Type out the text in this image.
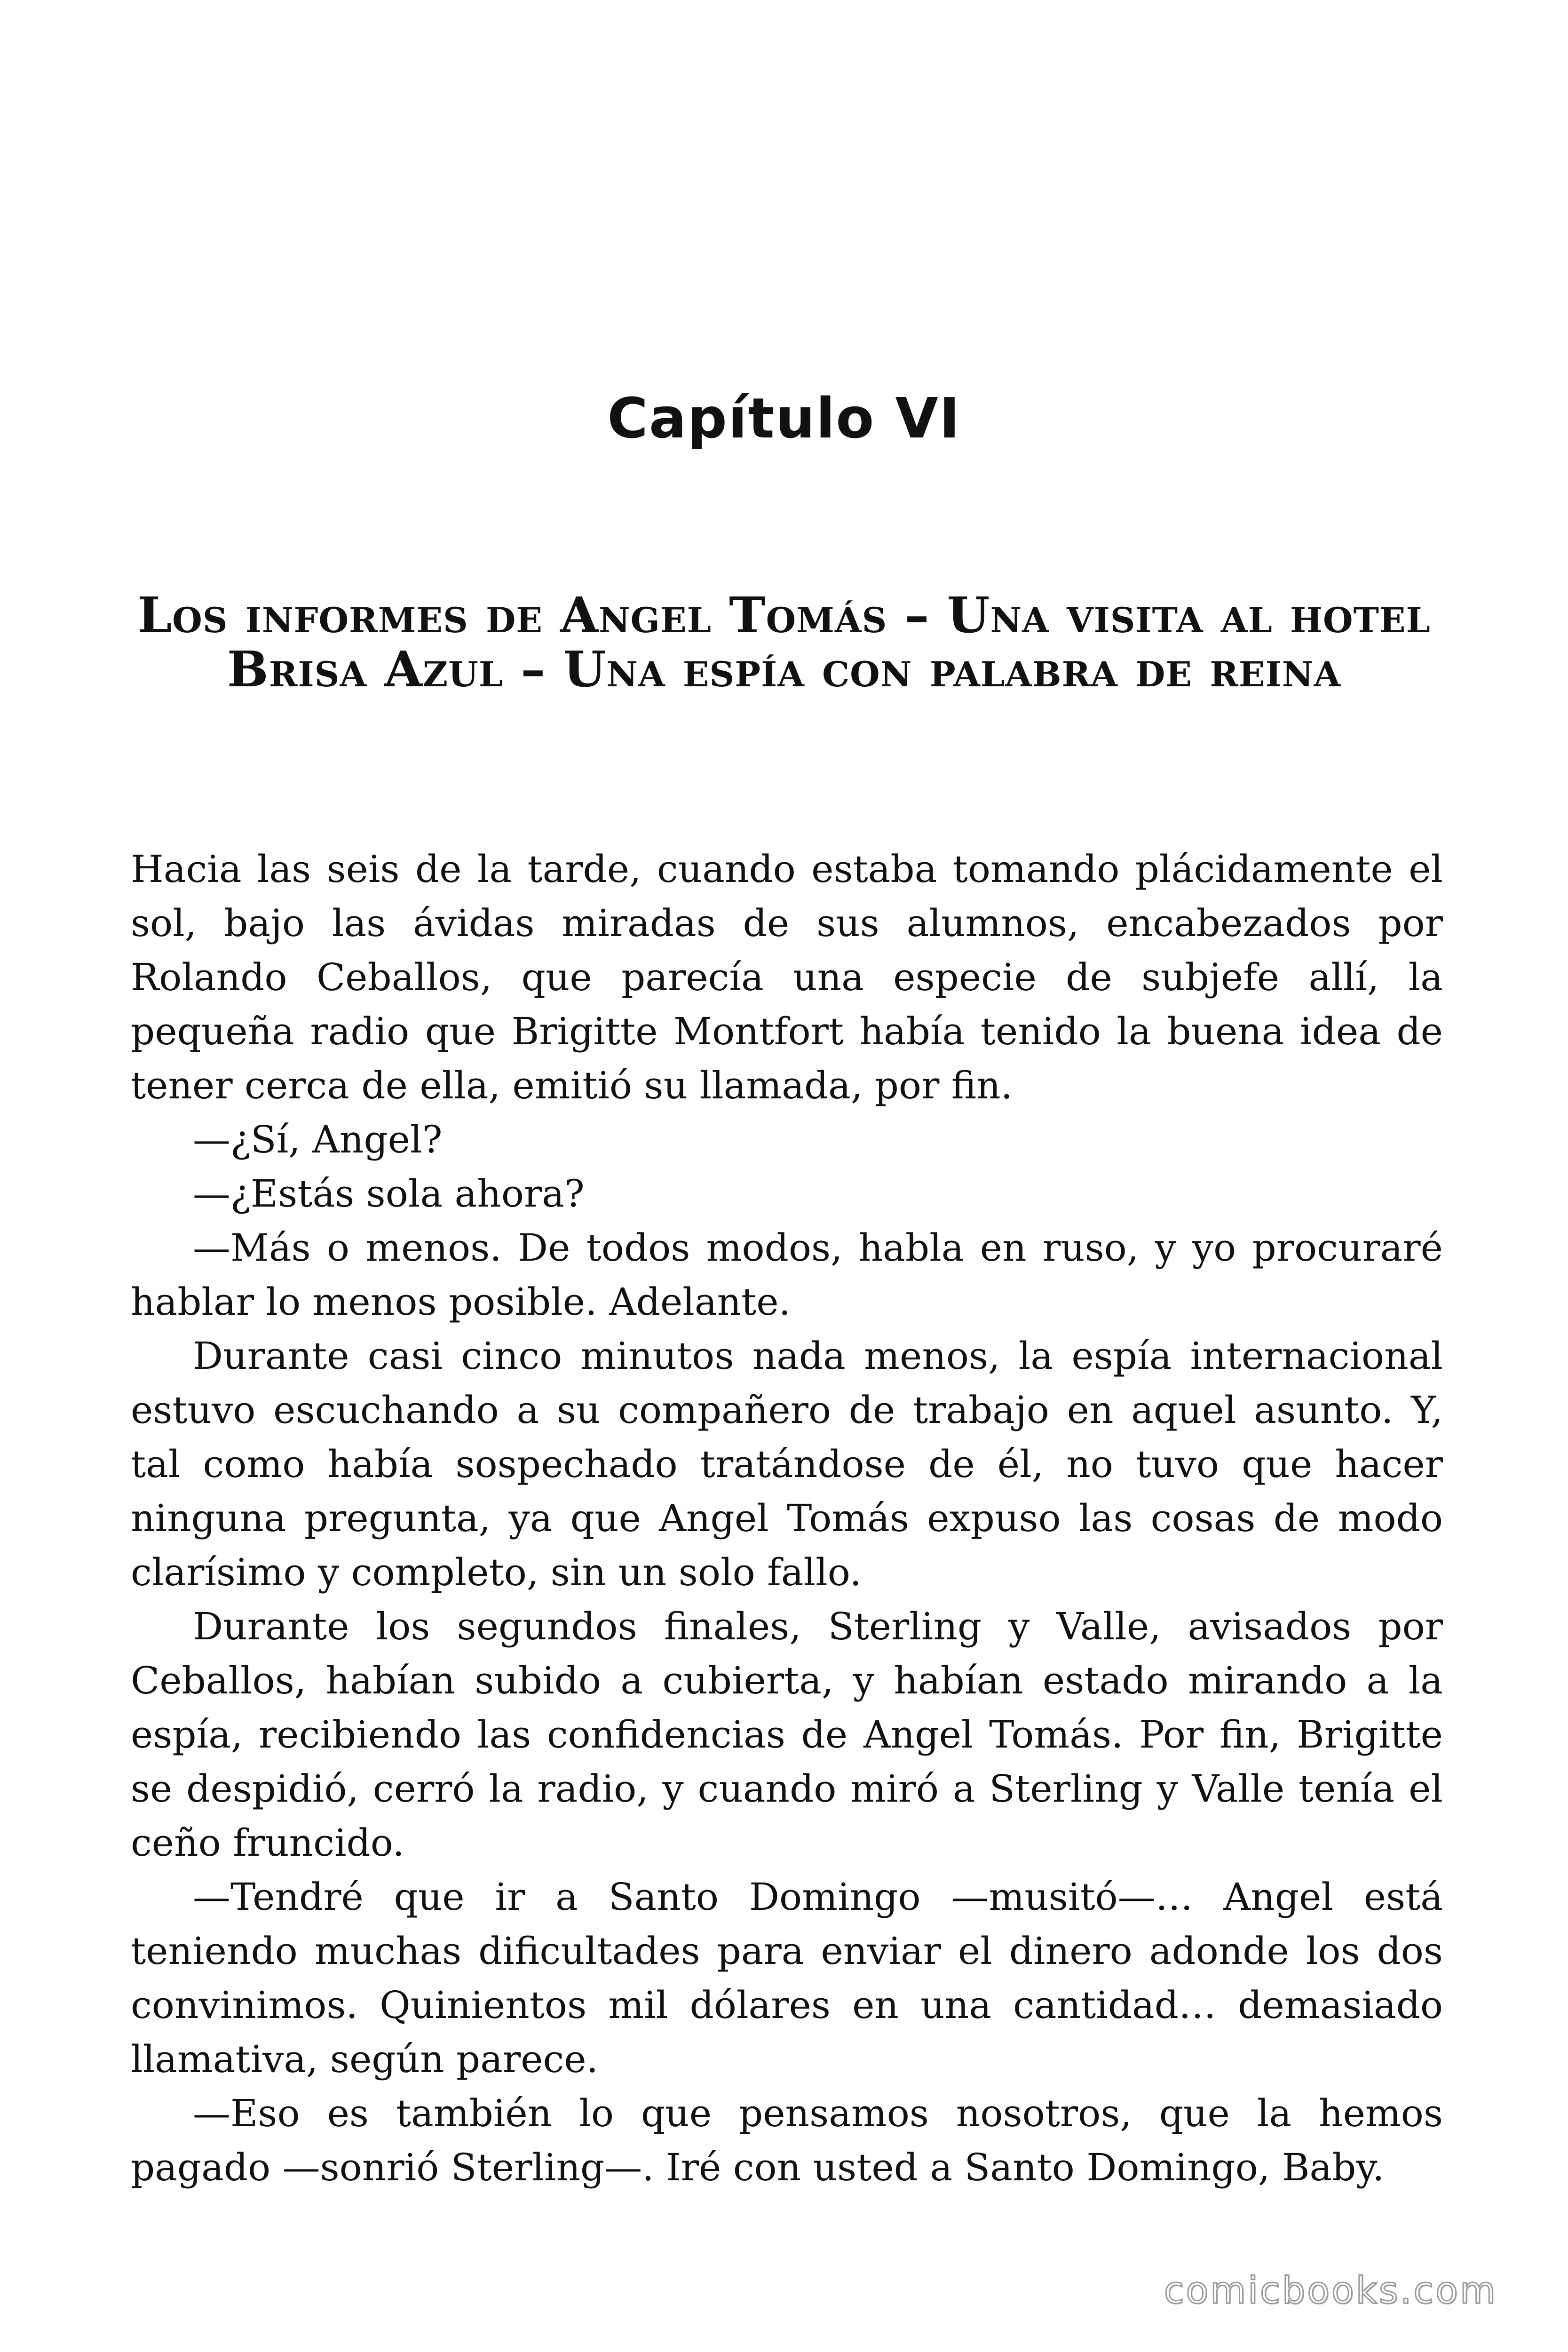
Capítulo VI
Los informes de Angel Tomás – Una visita al hotel Brisa Azul – Una espía con palabra de reina

Hacia las seis de la tarde, cuando estaba tomando plácidamente el sol, bajo las ávidas miradas de sus alumnos, encabezados por Rolando Ceballos, que parecía una especie de subjefe allí, la pequeña radio que Brigitte Montfort había tenido la buena idea de tener cerca de ella, emitió su llamada, por fin.

—¿Sí, Angel?

—¿Estás sola ahora?

—Más o menos. De todos modos, habla en ruso, y yo procuraré hablar lo menos posible. Adelante.

Durante casi cinco minutos nada menos, la espía internacional estuvo escuchando a su compañero de trabajo en aquel asunto. Y, tal como había sospechado tratándose de él, no tuvo que hacer ninguna pregunta, ya que Angel Tomás expuso las cosas de modo clarísimo y completo, sin un solo fallo.

Durante los segundos finales, Sterling y Valle, avisados por Ceballos, habían subido a cubierta, y habían estado mirando a la espía, recibiendo las confidencias de Angel Tomás. Por fin, Brigitte se despidió, cerró la radio, y cuando miró a Sterling y Valle tenía el ceño fruncido.

—Tendré que ir a Santo Domingo —musitó—… Angel está teniendo muchas dificultades para enviar el dinero adonde los dos convinimos. Quinientos mil dólares en una cantidad… demasiado llamativa, según parece.

—Eso es también lo que pensamos nosotros, que la hemos pagado —sonrió Sterling—. Iré con usted a Santo Domingo, Baby.

comicbooks.com
